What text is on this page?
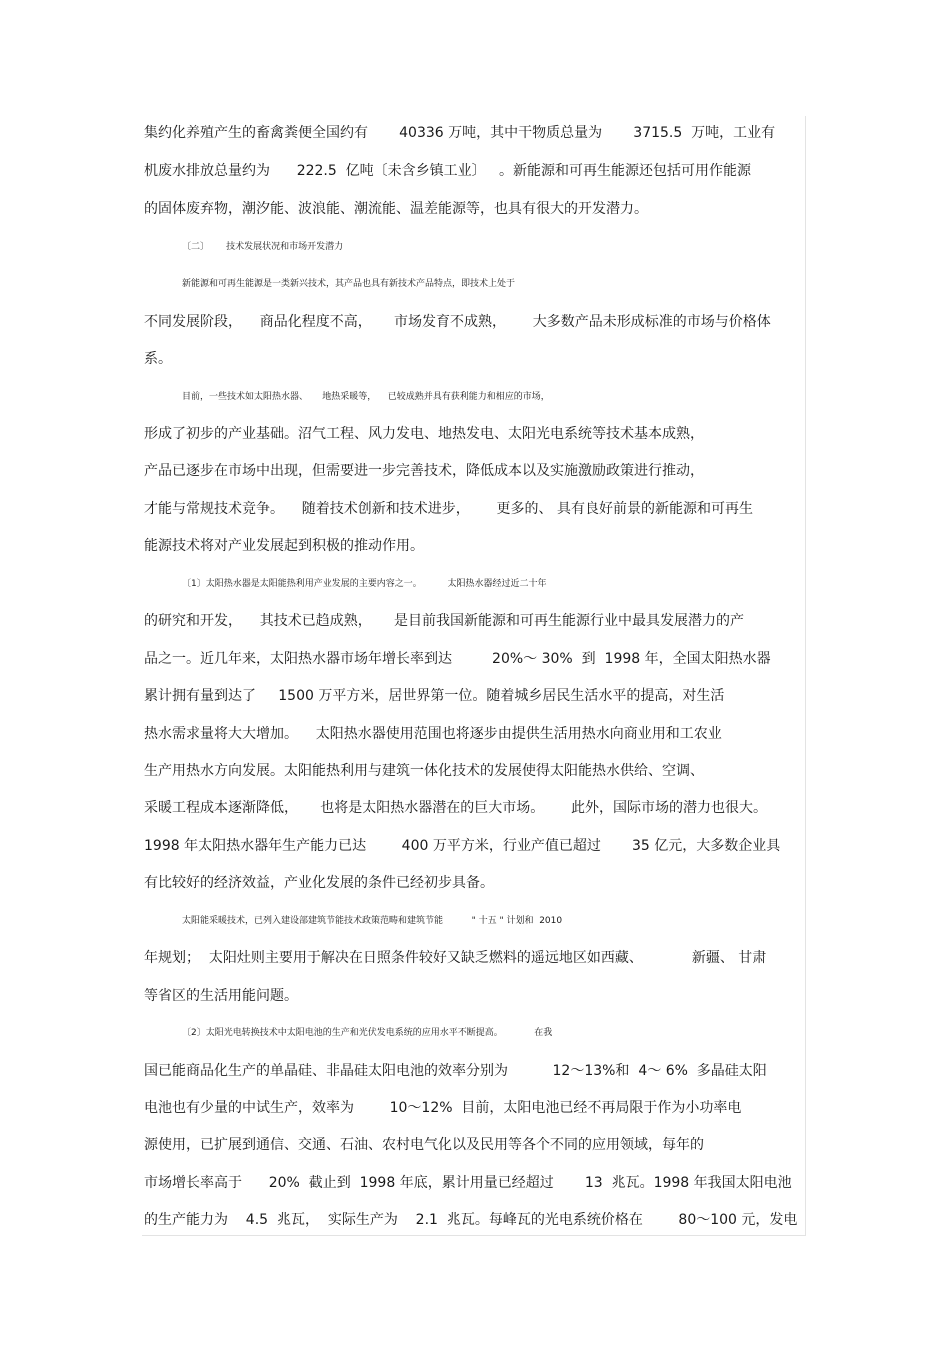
集约化养殖产生的畜禽粪便全国约有       40336 万吨，其中干物质总量为       3715.5  万吨，工业有

机废水排放总量约为      222.5  亿吨〔未含乡镇工业〕   。新能源和可再生能源还包括可用作能源

的固体废弃物，潮汐能、波浪能、潮流能、温差能源等，也具有很大的开发潜力。

〔二〕      技术发展状况和市场开发潜力

新能源和可再生能源是一类新兴技术，其产品也具有新技术产品特点，即技术上处于

不同发展阶段，    商品化程度不高，     市场发育不成熟，      大多数产品未形成标准的市场与价格体

系。

目前，一些技术如太阳热水器、     地热采暖等，    已较成熟并具有获利能力和相应的市场，

形成了初步的产业基础。沼气工程、风力发电、地热发电、太阳光电系统等技术基本成熟，

产品已逐步在市场中出现，但需要进一步完善技术，降低成本以及实施激励政策进行推动，

才能与常规技术竞争。    随着技术创新和技术进步，      更多的、 具有良好前景的新能源和可再生

能源技术将对产业发展起到积极的推动作用。

〔1〕太阳热水器是太阳能热利用产业发展的主要内容之一。         太阳热水器经过近二十年

的研究和开发，    其技术已趋成熟，     是目前我国新能源和可再生能源行业中最具发展潜力的产

品之一。近几年来，太阳热水器市场年增长率到达         20%～ 30%  到  1998 年，全国太阳热水器

累计拥有量到达了     1500 万平方米，居世界第一位。随着城乡居民生活水平的提高，对生活

热水需求量将大大增加。    太阳热水器使用范围也将逐步由提供生活用热水向商业用和工农业

生产用热水方向发展。太阳能热利用与建筑一体化技术的发展使得太阳能热水供给、空调、

采暖工程成本逐渐降低，     也将是太阳热水器潜在的巨大市场。      此外，国际市场的潜力也很大。

1998 年太阳热水器年生产能力已达        400 万平方米，行业产值已超过       35 亿元，大多数企业具

有比较好的经济效益，产业化发展的条件已经初步具备。

太阳能采暖技术，已列入建设部建筑节能技术政策范畴和建筑节能          " 十五 " 计划和  2010

年规划；  太阳灶则主要用于解决在日照条件较好又缺乏燃料的遥远地区如西藏、           新疆、 甘肃

等省区的生活用能问题。

〔2〕太阳光电转换技术中太阳电池的生产和光伏发电系统的应用水平不断提高。           在我

国已能商品化生产的单晶硅、非晶硅太阳电池的效率分别为          12～13%和  4～ 6%  多晶硅太阳

电池也有少量的中试生产，效率为        10～12%  目前，太阳电池已经不再局限于作为小功率电

源使用，已扩展到通信、交通、石油、农村电气化以及民用等各个不同的应用领域，每年的

市场增长率高于      20%  截止到  1998 年底，累计用量已经超过       13  兆瓦。1998 年我国太阳电池

的生产能力为    4.5  兆瓦，  实际生产为    2.1  兆瓦。每峰瓦的光电系统价格在        80～100 元，发电
